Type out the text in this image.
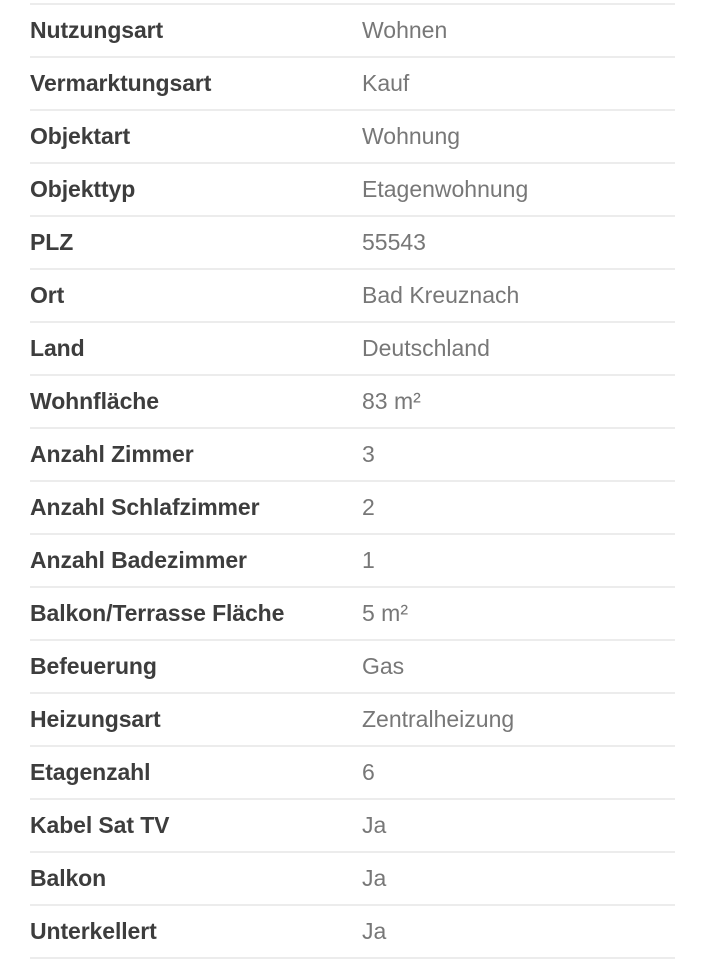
Nutzungsart	Wohnen
Vermarktungsart	Kauf
Objektart	Wohnung
Objekttyp	Etagenwohnung
PLZ	55543
Ort	Bad Kreuznach
Land	Deutschland
Wohnfläche	83 m²
Anzahl Zimmer	3
Anzahl Schlafzimmer	2
Anzahl Badezimmer	1
Balkon/Terrasse Fläche	5 m²
Befeuerung	Gas
Heizungsart	Zentralheizung
Etagenzahl	6
Kabel Sat TV	Ja
Balkon	Ja
Unterkellert	Ja
